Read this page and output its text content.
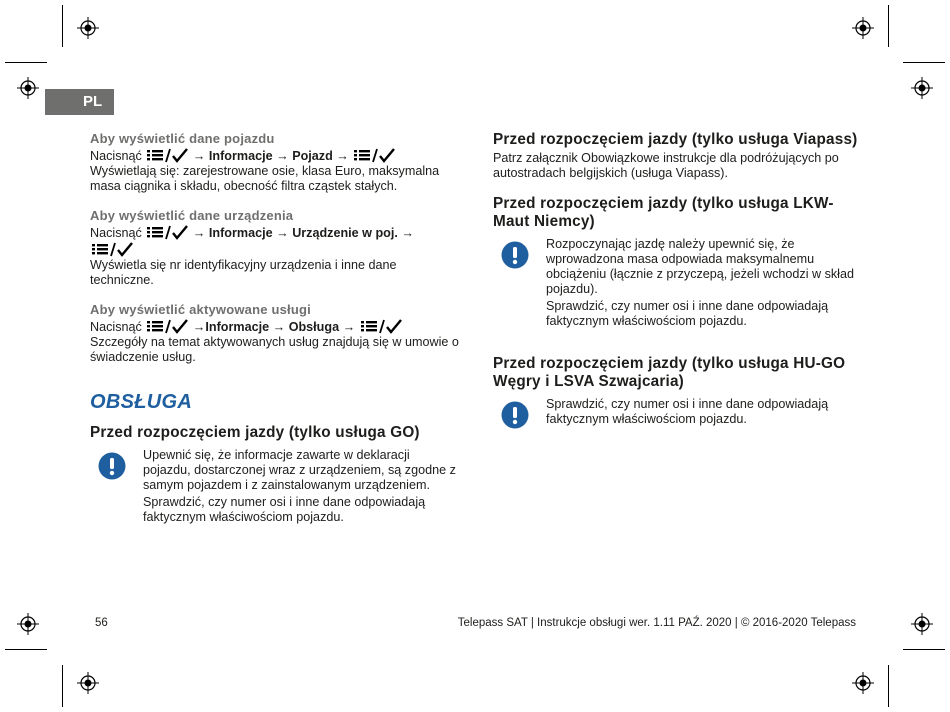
PL

Aby wyświetlić dane pojazdu

Nacisnąć	→ Informacje → Pojazd →

Wyświetlają się: zarejestrowane osie, klasa Euro, maksymalna masa ciągnika i składu, obecność filtra cząstek stałych.

Aby wyświetlić dane urządzenia

Nacisnąć	→ Informacje → Urządzenie w poj. →

Wyświetla się nr identyfikacyjny urządzenia i inne dane techniczne.

Aby wyświetlić aktywowane usługi

Nacisnąć	→Informacje → Obsługa →

Szczegóły na temat aktywowanych usług znajdują się w umowie o świadczenie usług.

OBSŁUGA

Przed rozpoczęciem jazdy (tylko usługa GO)

Upewnić się, że informacje zawarte w deklaracji pojazdu, dostarczonej wraz z urządzeniem, są zgodne z samym pojazdem i z zainstalowanym urządzeniem.

Sprawdzić, czy numer osi i inne dane odpowiadają faktycznym właściwościom pojazdu.

Przed rozpoczęciem jazdy (tylko usługa Viapass)

Patrz załącznik Obowiązkowe instrukcje dla podróżujących po autostradach belgijskich (usługa Viapass).

Przed rozpoczęciem jazdy (tylko usługa LKW-Maut Niemcy)

Rozpoczynając jazdę należy upewnić się, że wprowadzona masa odpowiada maksymalnemu obciążeniu (łącznie z przyczepą, jeżeli wchodzi w skład pojazdu).

Sprawdzić, czy numer osi i inne dane odpowiadają faktycznym właściwościom pojazdu.

Przed rozpoczęciem jazdy (tylko usługa HU-GO Węgry i LSVA Szwajcaria)

Sprawdzić, czy numer osi i inne dane odpowiadają faktycznym właściwościom pojazdu.

56	Telepass SAT | Instrukcje obsługi wer. 1.11 PAŹ. 2020 | © 2016-2020 Telepass
